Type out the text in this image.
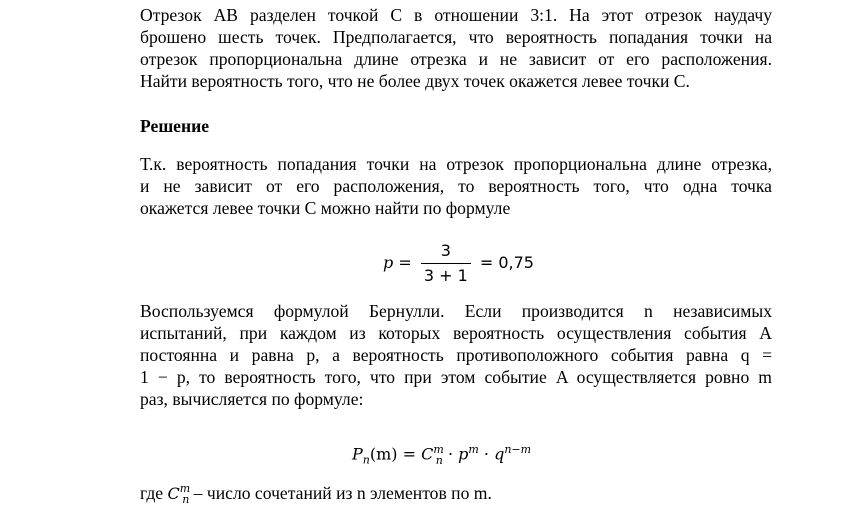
Отрезок AB разделен точкой C в отношении 3:1. На этот отрезок наудачу
брошено шесть точек. Предполагается, что вероятность попадания точки на
отрезок пропорциональна длине отрезка и не зависит от его расположения.
Найти вероятность того, что не более двух точек окажется левее точки C.
Решение
Т.к. вероятность попадания точки на отрезок пропорциональна длине отрезка,
и не зависит от его расположения, то вероятность того, что одна точка
окажется левее точки C можно найти по формуле
$p = \frac{3}{3 + 1} = 0,75$
Воспользуемся формулой Бернулли. Если производится n независимых
испытаний, при каждом из которых вероятность осуществления события A
постоянна и равна p, а вероятность противоположного события равна q =
1 − p, то вероятность того, что при этом событие A осуществляется ровно m
раз, вычисляется по формуле:
$P_n(m) = C^m_n \cdot p^m \cdot q^{n-m}$
где $C^m_n$ – число сочетаний из n элементов по m.
